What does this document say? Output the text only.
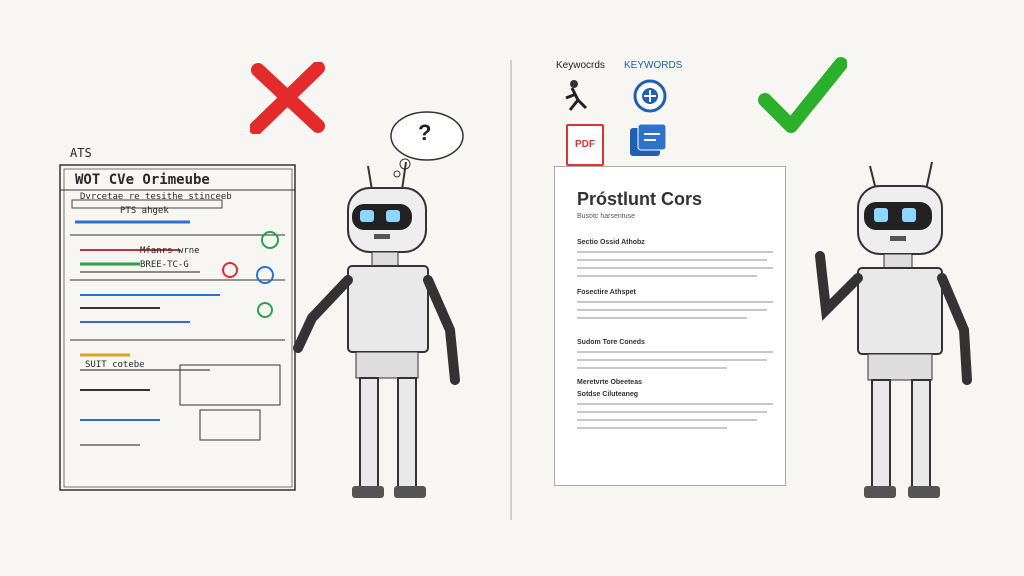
ATS
WOT CVe Orimeube
Dvrcetae re tesithe stinceeb
PTS ahgek
Mfanrs wrne
BREE-TC-G
SUIT cotebe
?
Keywocrds KEYWORDS
PDF
Próstlunt Cors
Busotc harsentuse
Sectio Ossid Athobz
Fosectire Athspet
Sudom Tore Coneds
Meretvrte Obeeteas
Sotdse Ciluteaneg
